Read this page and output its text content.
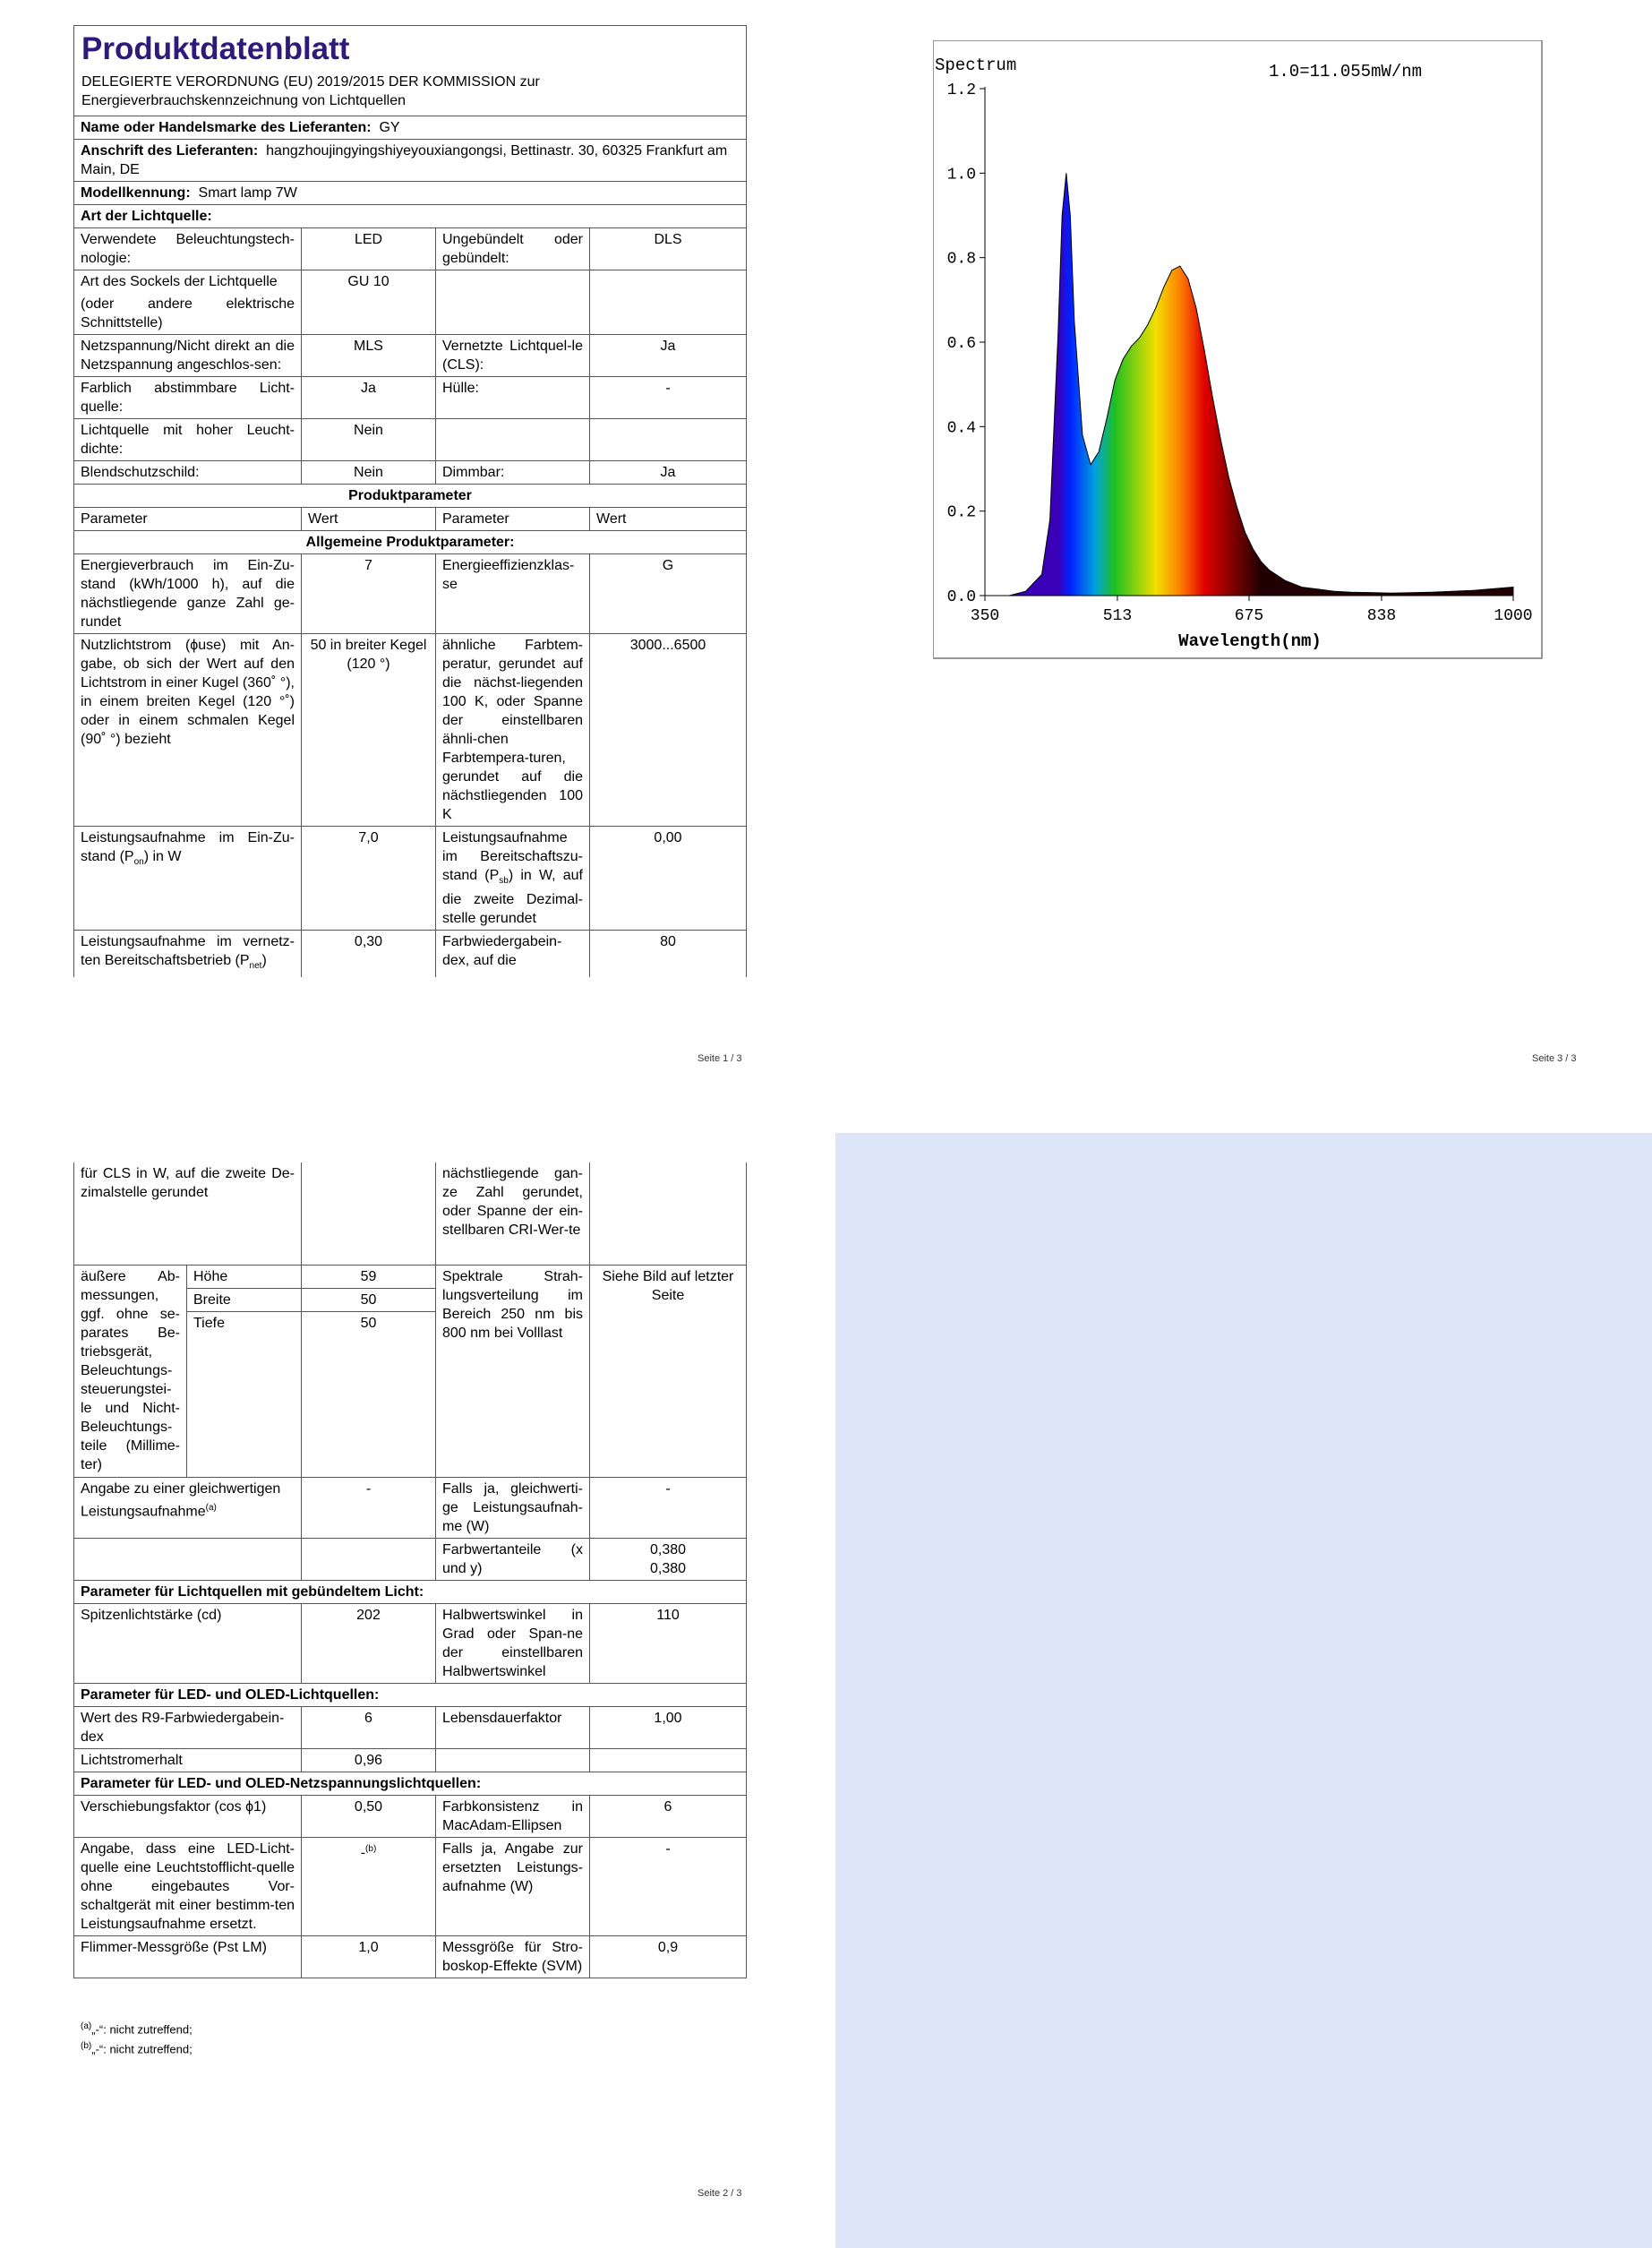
Produktdatenblatt
DELEGIERTE VERORDNUNG (EU) 2019/2015 DER KOMMISSION zur Energieverbrauchskennzeichnung von Lichtquellen			

Name oder Handelsmarke des Lieferanten: GY			
Anschrift des Lieferanten: hangzhoujingyingshiyeyouxiangongsi, Bettinastr. 30, 60325 Frankfurt am Main, DE			
Modellkennung: Smart lamp 7W			
Art der Lichtquelle:			
Verwendete Beleuchtungstech-nologie:	LED	Ungebündelt oder gebündelt:	DLS

Art des Sockels der Lichtquelle
(oder andere elektrische Schnittstelle)	GU 10		
Netzspannung/Nicht direkt an die Netzspannung angeschlos-sen:	MLS	Vernetzte Lichtquel-le (CLS):	Ja
Farblich abstimmbare Licht-quelle:	Ja	Hülle:	-
Lichtquelle mit hoher Leucht-dichte:	Nein		
Blendschutzschild:	Nein	Dimmbar:	Ja
Produktparameter			
Parameter	Wert	Parameter	Wert
Allgemeine Produktparameter:			
Energieverbrauch im Ein-Zu-stand (kWh/1000 h), auf die nächstliegende ganze Zahl ge-rundet	7	Energieeffizienzklas-se	G
Nutzlichtstrom (ϕuse) mit An-gabe, ob sich der Wert auf den Lichtstrom in einer Kugel (360˚ °), in einem breiten Kegel (120 °˚) oder in einem schmalen Kegel (90˚ °) bezieht	50 in breiter Kegel (120 °)	ähnliche Farbtem-peratur, gerundet auf die nächst-liegenden 100 K, oder Spanne der einstellbaren ähnli-chen Farbtempera-turen, gerundet auf die nächstliegenden 100 K	3000...6500
Leistungsaufnahme im Ein-Zu-stand $(P_{on})$ in W	7,0	Leistungsaufnahme im Bereitschaftszu-stand $(P_{sb})$ in W, auf die zweite Dezimal-stelle gerundet	0,00
Leistungsaufnahme im vernetz-ten Bereitschaftsbetrieb $(P_{net})$	0,30	Farbwiedergabein-dex, auf die	80
Seite 1 / 3	Seite 3 / 3
Spectrum	1.0=11.055mW/nm
0.0
0.2
0.4
0.6
0.8
1.0
1.2
350	513	675	838	1000
Wavelength(nm)
für CLS in W, auf die zweite De-zimalstelle gerundet			nächstliegende gan-ze Zahl gerundet, oder Spanne der ein-stellbaren CRI-Wer-te	
äußere Ab-messungen, ggf. ohne se-parates Be-triebsgerät, Beleuchtungs-steuerungstei-le und Nicht-Beleuchtungs-teile (Millime-ter)	Höhe	59	Spektrale Strah-lungsverteilung im Bereich 250 nm bis 800 nm bei Volllast	Siehe Bild auf letzter Seite
	Breite	50		
	Tiefe	50		
Angabe zu einer gleichwertigen Leistungsaufnahme$^{(a)}$		-	Falls ja, gleichwerti-ge Leistungsaufnah-me (W)	-
			Farbwertanteile (x und y)	0,380
0,380

Parameter für Lichtquellen mit gebündeltem Licht:				
Spitzenlichtstärke (cd)		202	Halbwertswinkel in Grad oder Span-ne der einstellbaren Halbwertswinkel	110
Parameter für LED- und OLED-Lichtquellen:				
Wert des R9-Farbwiedergabein-dex		6	Lebensdauerfaktor	1,00
Lichtstromerhalt		0,96		
Parameter für LED- und OLED-Netzspannungslichtquellen:				
Verschiebungsfaktor (cos ϕ1)		0,50	Farbkonsistenz in MacAdam-Ellipsen	6
Angabe, dass eine LED-Licht-quelle eine Leuchtstofflicht-quelle ohne eingebautes Vor-schaltgerät mit einer bestimm-ten Leistungsaufnahme ersetzt.		-$^{(b)}$	Falls ja, Angabe zur ersetzten Leistungs-aufnahme (W)	-
Flimmer-Messgröße (Pst LM)		1,0	Messgröße für Stro-boskop-Effekte (SVM)	0,9
$^{(a)}$„-“: nicht zutreffend;
$^{(b)}$„-“: nicht zutreffend;
Seite 2 / 3
